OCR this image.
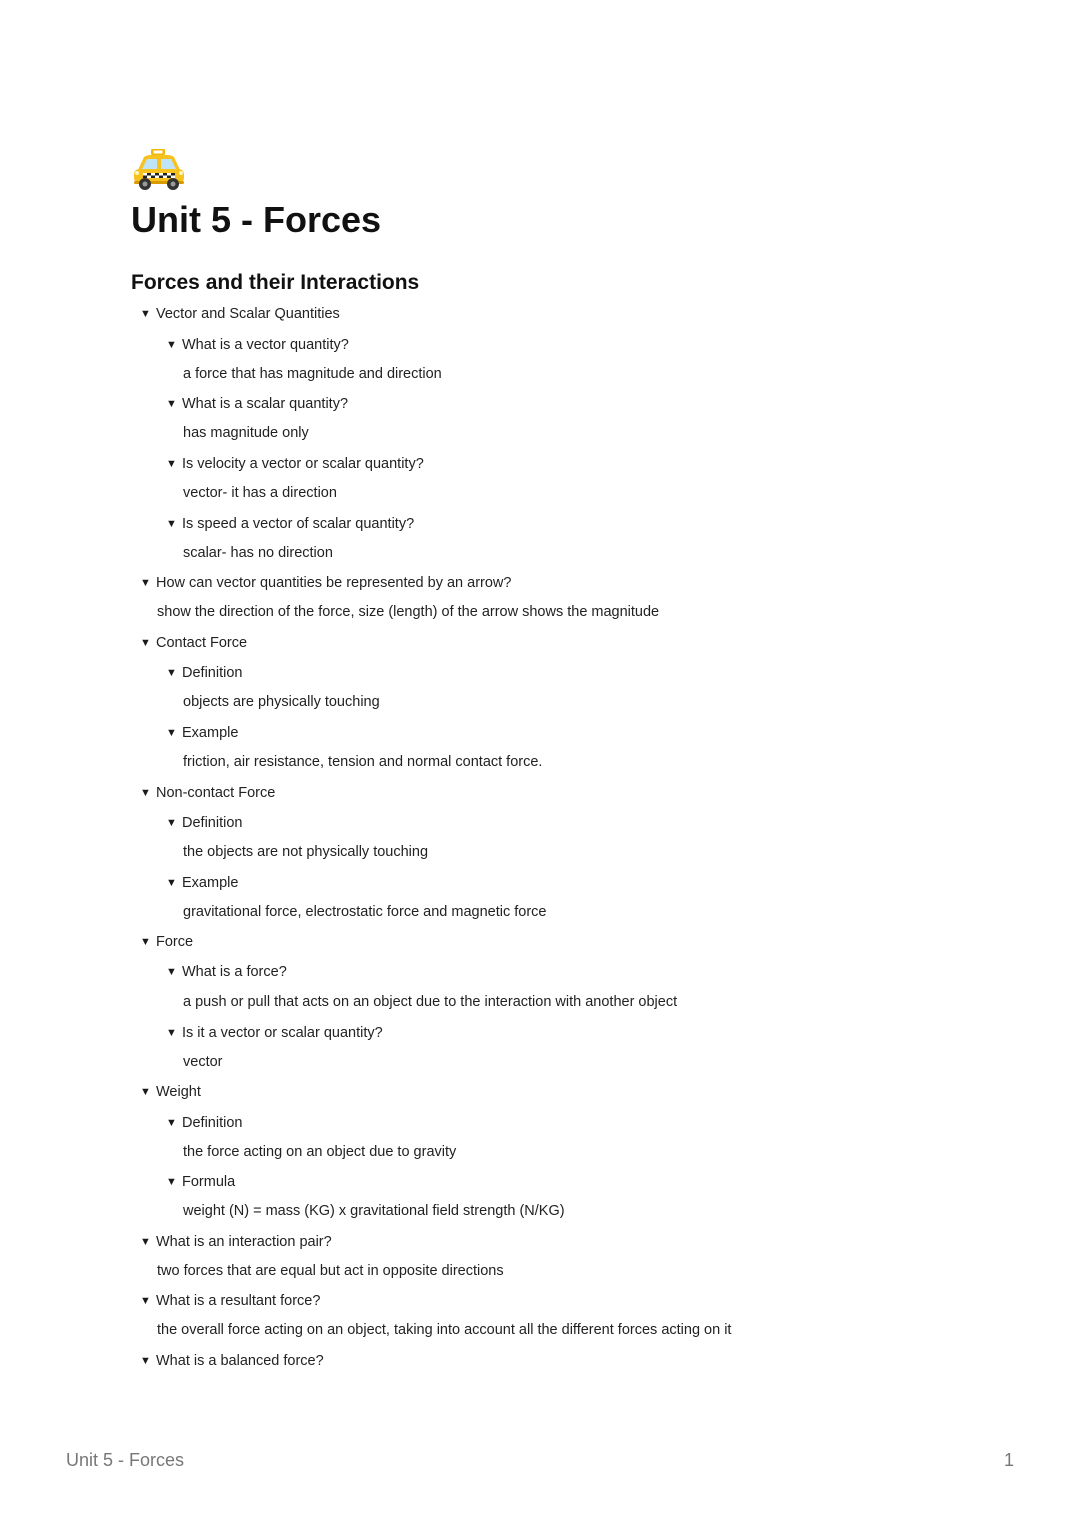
Unit 5 - Forces
Forces and their Interactions
▼ Vector and Scalar Quantities
▼ What is a vector quantity?
a force that has magnitude and direction
▼ What is a scalar quantity?
has magnitude only
▼ Is velocity a vector or scalar quantity?
vector- it has a direction
▼ Is speed a vector of scalar quantity?
scalar- has no direction
▼ How can vector quantities be represented by an arrow?
show the direction of the force, size (length) of the arrow shows the magnitude
▼ Contact Force
▼ Definition
objects are physically touching
▼ Example
friction, air resistance, tension and normal contact force.
▼ Non-contact Force
▼ Definition
the objects are not physically touching
▼ Example
gravitational force, electrostatic force and magnetic force
▼ Force
▼ What is a force?
a push or pull that acts on an object due to the interaction with another object
▼ Is it a vector or scalar quantity?
vector
▼ Weight
▼ Definition
the force acting on an object due to gravity
▼ Formula
weight (N) = mass (KG) x gravitational field strength (N/KG)
▼ What is an interaction pair?
two forces that are equal but act in opposite directions
▼ What is a resultant force?
the overall force acting on an object, taking into account all the different forces acting on it
▼ What is a balanced force?
Unit 5 - Forces	1
